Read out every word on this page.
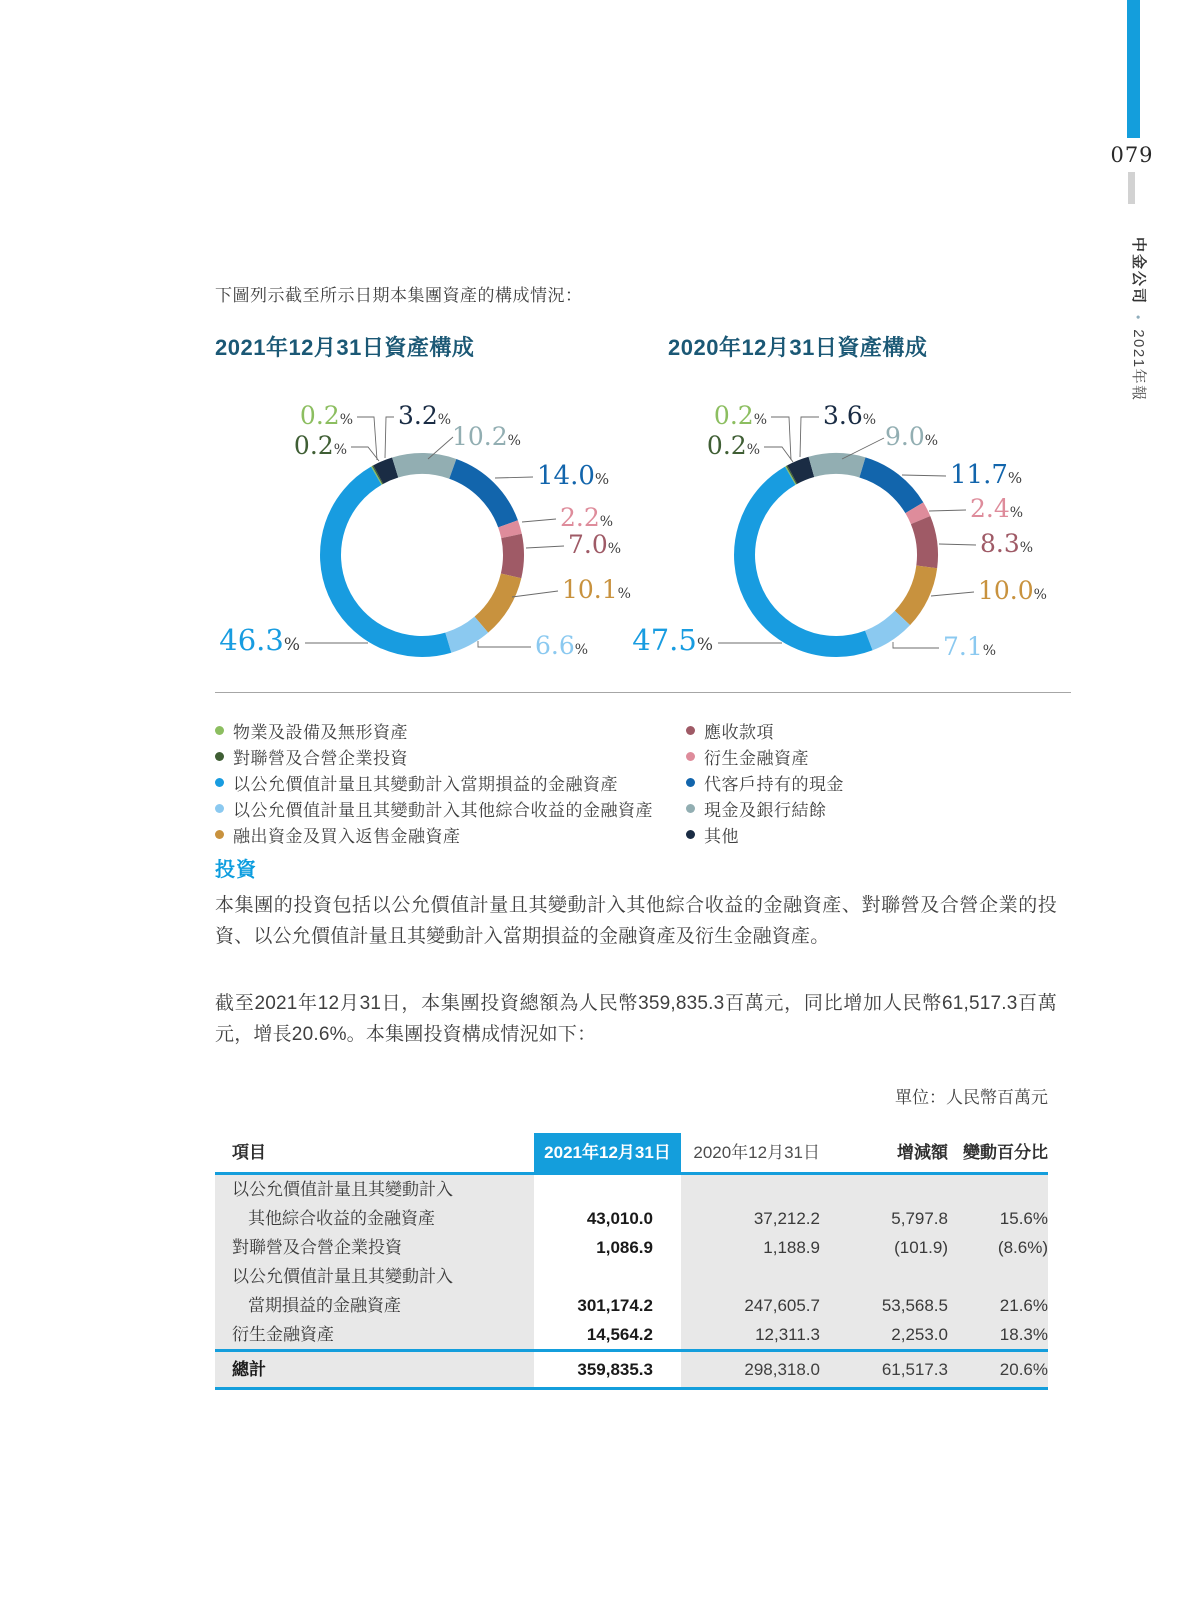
079
中金公司•2021年報
下圖列示截至所示日期本集團資產的構成情況：
2021年12月31日資產構成	2020年12月31日資產構成
0.2%
0.2%
3.2%
10.2%
14.0%
2.2%
7.0%
10.1%
6.6%
46.3%
0.2%
0.2%
3.6%
9.0%
11.7%
2.4%
8.3%
10.0%
7.1%
47.5%
物業及設備及無形資產
對聯營及合營企業投資
以公允價值計量且其變動計入當期損益的金融資產
以公允價值計量且其變動計入其他綜合收益的金融資產
融出資金及買入返售金融資產
應收款項
衍生金融資產
代客戶持有的現金
現金及銀行結餘
其他
投資
本集團的投資包括以公允價值計量且其變動計入其他綜合收益的金融資產、對聯營及合營企業的投資、以公允價值計量且其變動計入當期損益的金融資產及衍生金融資產。
截至2021年12月31日，本集團投資總額為人民幣359,835.3百萬元，同比增加人民幣61,517.3百萬元，增長20.6%。本集團投資構成情況如下：
單位：人民幣百萬元
項目	2021年12月31日	2020年12月31日	增減額 變動百分比
以公允價值計量且其變動計入
其他綜合收益的金融資產	43,010.0	37,212.2	5,797.8	15.6%
對聯營及合營企業投資	1,086.9	1,188.9	(101.9)	(8.6%)
以公允價值計量且其變動計入
當期損益的金融資產	301,174.2	247,605.7	53,568.5	21.6%
衍生金融資產	14,564.2	12,311.3	2,253.0	18.3%
總計	359,835.3	298,318.0	61,517.3	20.6%
